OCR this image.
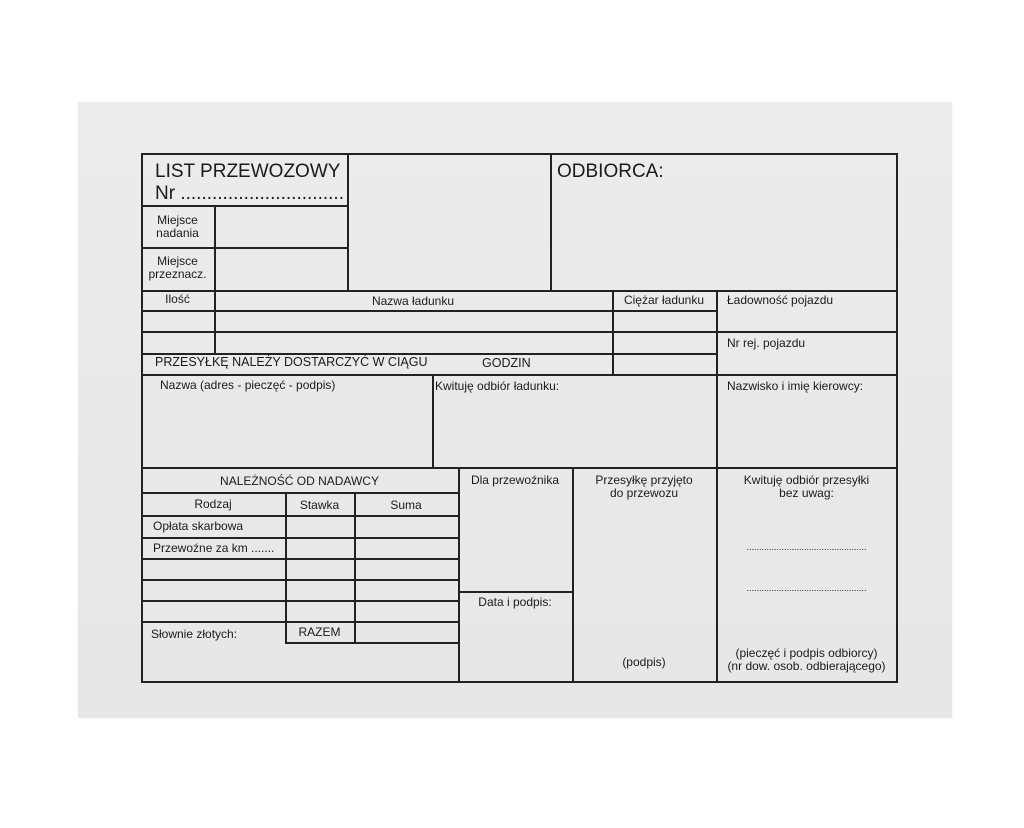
LIST PRZEWOZOWY
Nr ...............................
Miejsce
nadania
Miejsce
przeznacz.
ODBIORCA:
Ilość	Nazwa ładunku	Ciężar ładunku	Ładowność pojazdu
Nr rej. pojazdu
PRZESYŁKĘ NALEŻY DOSTARCZYĆ W CIĄGU	GODZIN
Nazwa (adres - pieczęć - podpis)	Kwituję odbiór ładunku:	Nazwisko i imię kierowcy:
NALEŻNOŚĆ OD NADAWCY
Rodzaj	Stawka	Suma
Opłata skarbowa
Przewoźne za km .......
Słownie złotych:	RAZEM
Dla przewoźnika
Data i podpis:
Przesyłkę przyjęto
do przewozu
(podpis)
Kwituję odbiór przesyłki
bez uwag:
................................................
................................................
(pieczęć i podpis odbiorcy)
(nr dow. osob. odbierającego)
